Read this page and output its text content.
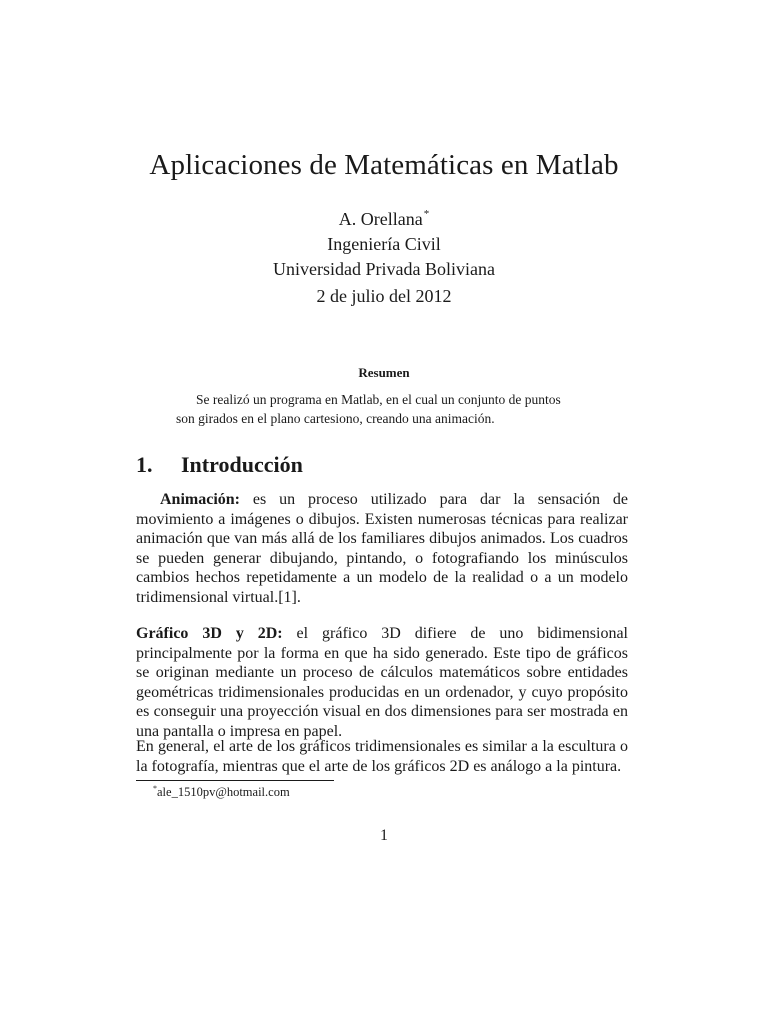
Aplicaciones de Matemáticas en Matlab
A. Orellana*
Ingeniería Civil
Universidad Privada Boliviana
2 de julio del 2012
Resumen
Se realizó un programa en Matlab, en el cual un conjunto de puntos
son girados en el plano cartesiono, creando una animación.
1. Introducción

Animación: es un proceso utilizado para dar la sensación de movimiento a imágenes o dibujos. Existen numerosas técnicas para realizar animación que van más allá de los familiares dibujos animados. Los cuadros se pueden generar dibujando, pintando, o fotografiando los minúsculos cambios hechos repetidamente a un modelo de la realidad o a un modelo tridimensional virtual.[1].

Gráfico 3D y 2D: el gráfico 3D difiere de uno bidimensional principalmente por la forma en que ha sido generado. Este tipo de gráficos se originan mediante un proceso de cálculos matemáticos sobre entidades geométricas tridimensionales producidas en un ordenador, y cuyo propósito es conseguir una proyección visual en dos dimensiones para ser mostrada en una pantalla o impresa en papel.

En general, el arte de los gráficos tridimensionales es similar a la escultura o la fotografía, mientras que el arte de los gráficos 2D es análogo a la pintura.

*ale_1510pv@hotmail.com
1
